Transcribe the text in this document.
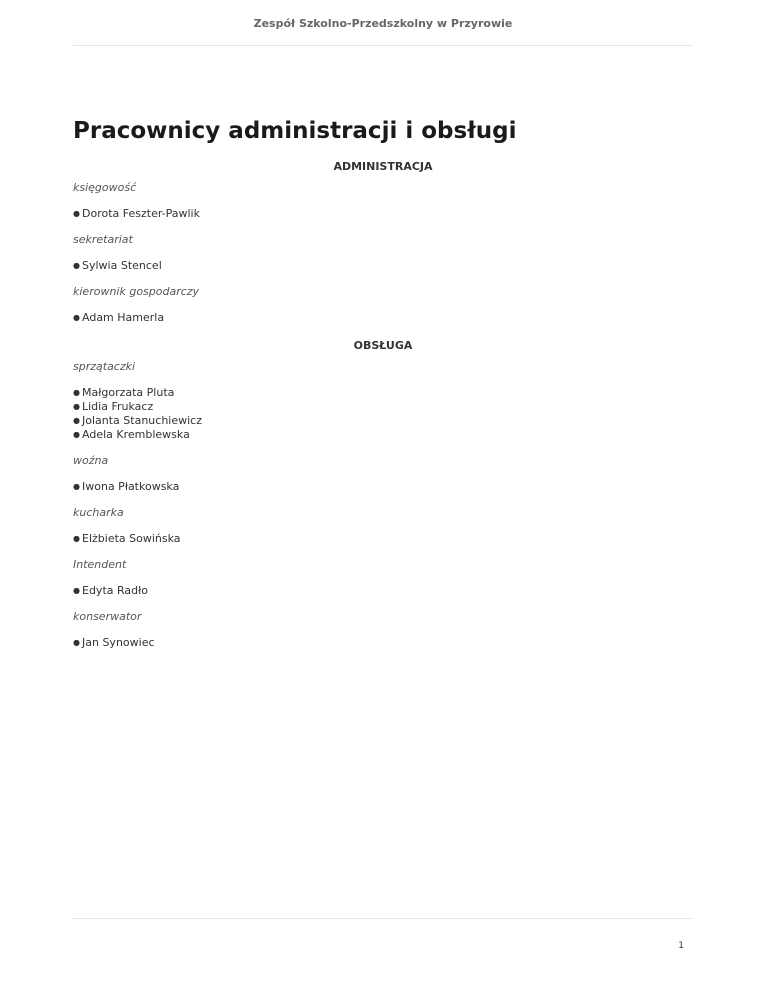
Zespół Szkolno-Przedszkolny w Przyrowie
Pracownicy administracji i obsługi
ADMINISTRACJA
księgowość
● Dorota Feszter-Pawlik
sekretariat
● Sylwia Stencel
kierownik gospodarczy
● Adam Hamerla
OBSŁUGA
sprzątaczki
● Małgorzata Pluta
● Lidia Frukacz
● Jolanta Stanuchiewicz
● Adela Kremblewska
woźna
● Iwona Płatkowska
kucharka
● Elżbieta Sowińska
Intendent
● Edyta Radło
konserwator
● Jan Synowiec
1
